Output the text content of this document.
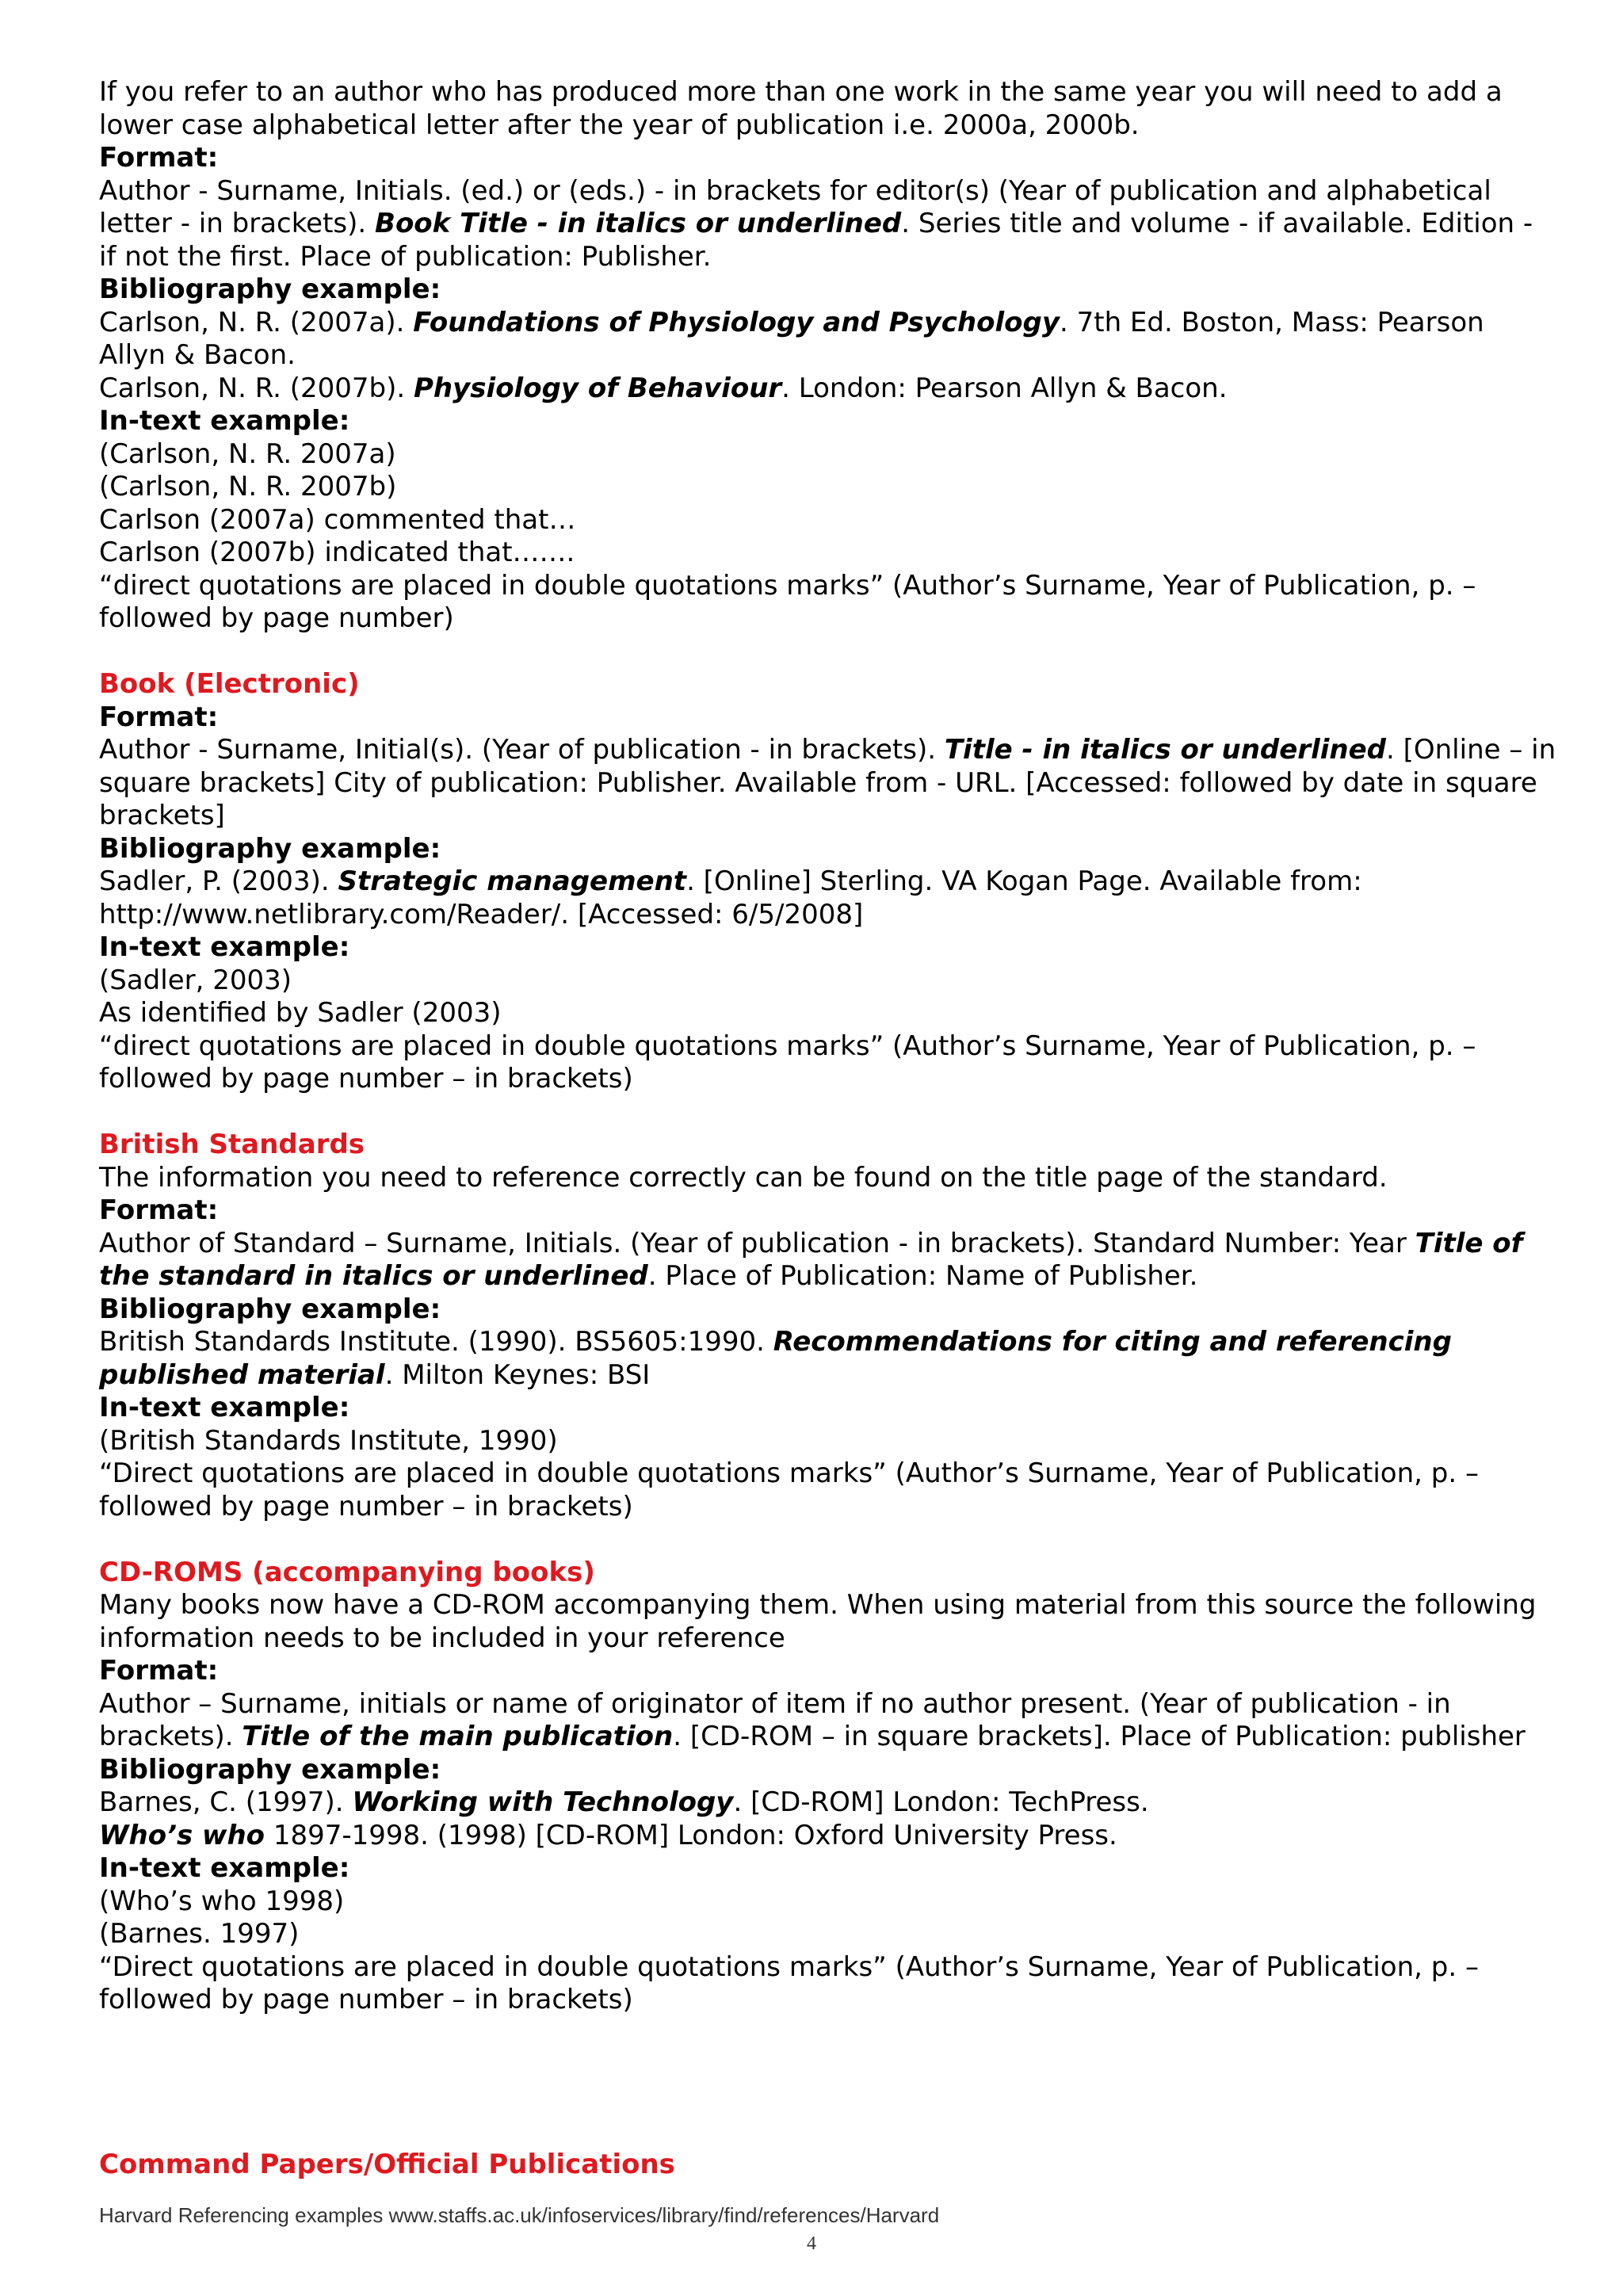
If you refer to an author who has produced more than one work in the same year you will need to add a lower case alphabetical letter after the year of publication i.e. 2000a, 2000b.

Format:

Author - Surname, Initials. (ed.) or (eds.) - in brackets for editor(s) (Year of publication and alphabetical letter - in brackets). Book Title - in italics or underlined. Series title and volume - if available. Edition - if not the first. Place of publication: Publisher.

Bibliography example:

Carlson, N. R. (2007a). Foundations of Physiology and Psychology. 7th Ed. Boston, Mass: Pearson Allyn & Bacon.

Carlson, N. R. (2007b). Physiology of Behaviour. London: Pearson Allyn & Bacon.

In-text example:

(Carlson, N. R. 2007a)

(Carlson, N. R. 2007b)

Carlson (2007a) commented that…

Carlson (2007b) indicated that…….

“direct quotations are placed in double quotations marks” (Author’s Surname, Year of Publication, p. – followed by page number)

Book (Electronic)

Format:

Author - Surname, Initial(s). (Year of publication - in brackets). Title - in italics or underlined. [Online – in square brackets] City of publication: Publisher. Available from - URL. [Accessed: followed by date in square brackets]

Bibliography example:

Sadler, P. (2003). Strategic management. [Online] Sterling. VA Kogan Page. Available from: http://www.netlibrary.com/Reader/. [Accessed: 6/5/2008]

In-text example:

(Sadler, 2003)

As identified by Sadler (2003)

“direct quotations are placed in double quotations marks” (Author’s Surname, Year of Publication, p. – followed by page number – in brackets)

British Standards

The information you need to reference correctly can be found on the title page of the standard.

Format:

Author of Standard – Surname, Initials. (Year of publication - in brackets). Standard Number: Year Title of the standard in italics or underlined. Place of Publication: Name of Publisher.

Bibliography example:

British Standards Institute. (1990). BS5605:1990. Recommendations for citing and referencing published material. Milton Keynes: BSI

In-text example:

(British Standards Institute, 1990)

“Direct quotations are placed in double quotations marks” (Author’s Surname, Year of Publication, p. – followed by page number – in brackets)

CD-ROMS (accompanying books)

Many books now have a CD-ROM accompanying them. When using material from this source the following information needs to be included in your reference

Format:

Author – Surname, initials or name of originator of item if no author present. (Year of publication - in brackets). Title of the main publication. [CD-ROM – in square brackets]. Place of Publication: publisher

Bibliography example:

Barnes, C. (1997). Working with Technology. [CD-ROM] London: TechPress.

Who’s who 1897-1998. (1998) [CD-ROM] London: Oxford University Press.

In-text example:

(Who’s who 1998)

(Barnes. 1997)

“Direct quotations are placed in double quotations marks” (Author’s Surname, Year of Publication, p. – followed by page number – in brackets)

Command Papers/Official Publications

Harvard Referencing examples www.staffs.ac.uk/infoservices/library/find/references/Harvard
4
